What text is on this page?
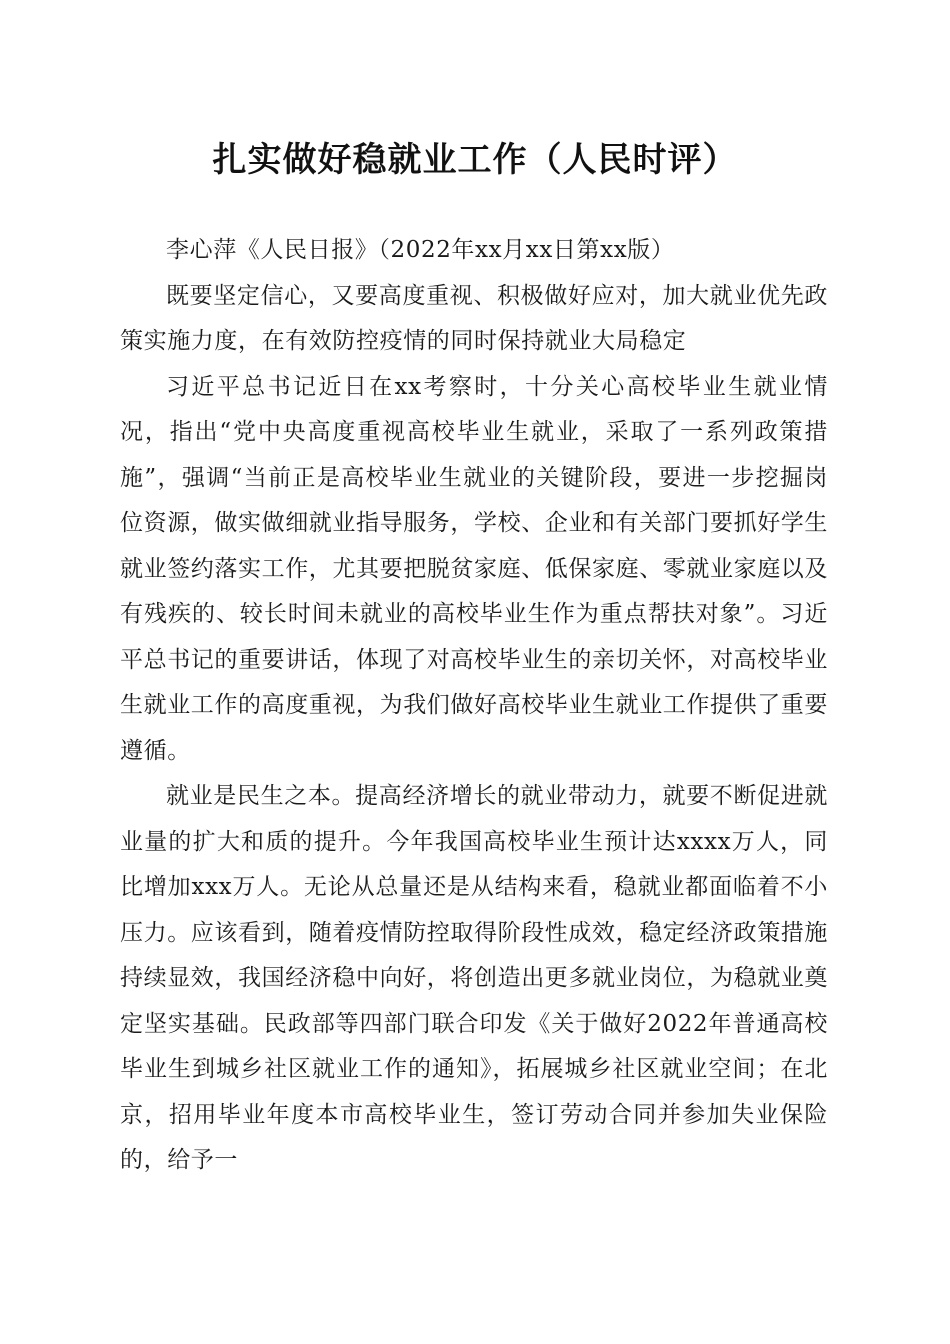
扎实做好稳就业工作（人民时评）

李心萍《人民日报》（2022年xx月xx日第xx版）

既要坚定信心，又要高度重视、积极做好应对，加大就业优先政策实施力度，在有效防控疫情的同时保持就业大局稳定

习近平总书记近日在xx考察时，十分关心高校毕业生就业情况，指出“党中央高度重视高校毕业生就业，采取了一系列政策措施”，强调“当前正是高校毕业生就业的关键阶段，要进一步挖掘岗位资源，做实做细就业指导服务，学校、企业和有关部门要抓好学生就业签约落实工作，尤其要把脱贫家庭、低保家庭、零就业家庭以及有残疾的、较长时间未就业的高校毕业生作为重点帮扶对象”。习近平总书记的重要讲话，体现了对高校毕业生的亲切关怀，对高校毕业生就业工作的高度重视，为我们做好高校毕业生就业工作提供了重要遵循。

就业是民生之本。提高经济增长的就业带动力，就要不断促进就业量的扩大和质的提升。今年我国高校毕业生预计达xxxx万人，同比增加xxx万人。无论从总量还是从结构来看，稳就业都面临着不小压力。应该看到，随着疫情防控取得阶段性成效，稳定经济政策措施持续显效，我国经济稳中向好，将创造出更多就业岗位，为稳就业奠定坚实基础。民政部等四部门联合印发《关于做好2022年普通高校毕业生到城乡社区就业工作的通知》，拓展城乡社区就业空间；在北京，招用毕业年度本市高校毕业生，签订劳动合同并参加失业保险的，给予一
